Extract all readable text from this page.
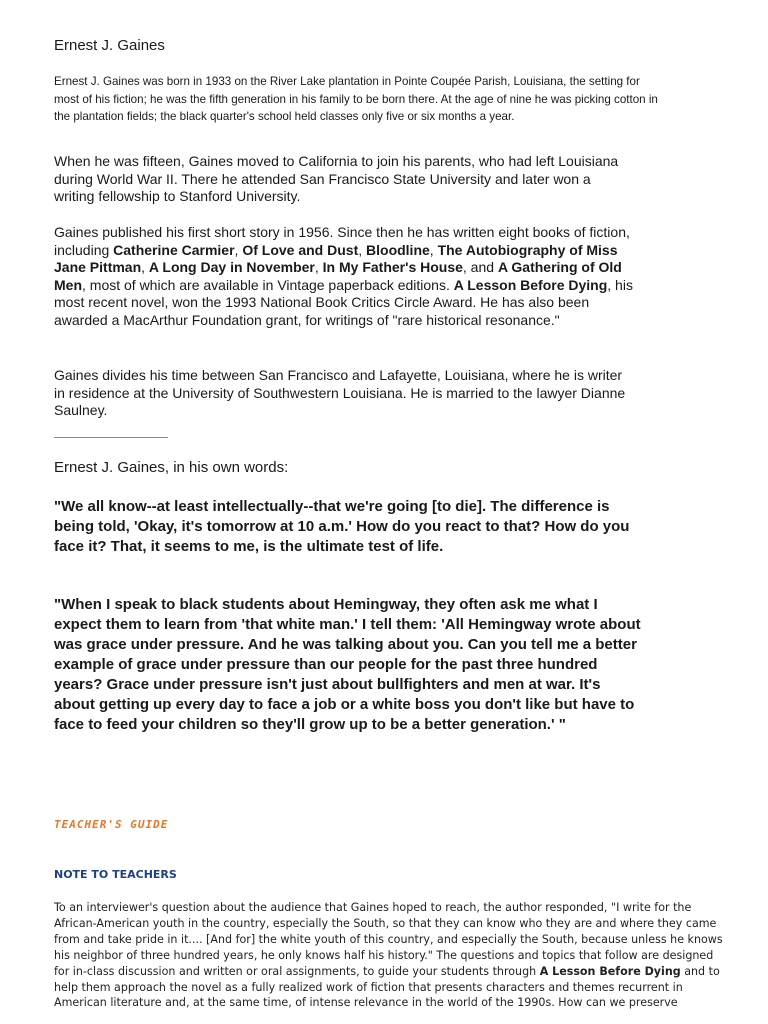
Ernest J. Gaines

Ernest J. Gaines was born in 1933 on the River Lake plantation in Pointe Coupée Parish, Louisiana, the setting for most of his fiction; he was the fifth generation in his family to be born there. At the age of nine he was picking cotton in the plantation fields; the black quarter's school held classes only five or six months a year.

When he was fifteen, Gaines moved to California to join his parents, who had left Louisiana during World War II. There he attended San Francisco State University and later won a writing fellowship to Stanford University.

Gaines published his first short story in 1956. Since then he has written eight books of fiction, including Catherine Carmier, Of Love and Dust, Bloodline, The Autobiography of Miss Jane Pittman, A Long Day in November, In My Father's House, and A Gathering of Old Men, most of which are available in Vintage paperback editions. A Lesson Before Dying, his most recent novel, won the 1993 National Book Critics Circle Award. He has also been awarded a MacArthur Foundation grant, for writings of "rare historical resonance."

Gaines divides his time between San Francisco and Lafayette, Louisiana, where he is writer in residence at the University of Southwestern Louisiana. He is married to the lawyer Dianne Saulney.

Ernest J. Gaines, in his own words:

"We all know--at least intellectually--that we're going [to die]. The difference is being told, 'Okay, it's tomorrow at 10 a.m.' How do you react to that? How do you face it? That, it seems to me, is the ultimate test of life.

"When I speak to black students about Hemingway, they often ask me what I expect them to learn from 'that white man.' I tell them: 'All Hemingway wrote about was grace under pressure. And he was talking about you. Can you tell me a better example of grace under pressure than our people for the past three hundred years? Grace under pressure isn't just about bullfighters and men at war. It's about getting up every day to face a job or a white boss you don't like but have to face to feed your children so they'll grow up to be a better generation.' "

TEACHER'S GUIDE
NOTE TO TEACHERS

To an interviewer's question about the audience that Gaines hoped to reach, the author responded, "I write for the African-American youth in the country, especially the South, so that they can know who they are and where they came from and take pride in it.... [And for] the white youth of this country, and especially the South, because unless he knows his neighbor of three hundred years, he only knows half his history." The questions and topics that follow are designed for in-class discussion and written or oral assignments, to guide your students through A Lesson Before Dying and to help them approach the novel as a fully realized work of fiction that presents characters and themes recurrent in American literature and, at the same time, of intense relevance in the world of the 1990s. How can we preserve
